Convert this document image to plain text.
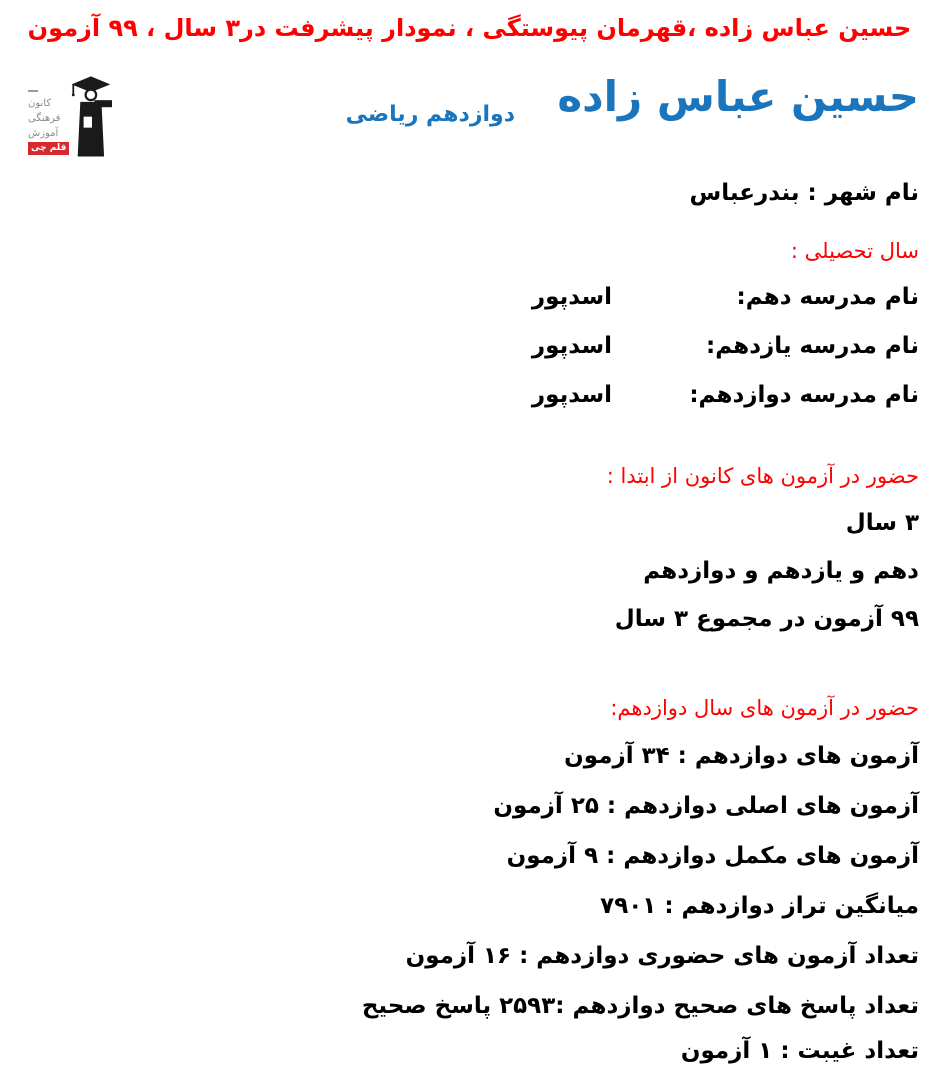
حسین عباس زاده ،قهرمان پیوستگی ، نمودار پیشرفت در۳ سال ، ۹۹ آزمون
کانون
فرهنگی
آموزش
قلم چی
حسین عباس زاده
دوازدهم ریاضی
نام شهر : بندرعباس
سال تحصیلی :
نام مدرسه دهم:
اسدپور
نام مدرسه یازدهم:
اسدپور
نام مدرسه دوازدهم:
اسدپور
حضور در آزمون های کانون از ابتدا :
۳ سال
دهم و یازدهم و دوازدهم
۹۹ آزمون در مجموع ۳ سال
حضور در آزمون های سال دوازدهم:
آزمون های دوازدهم : ۳۴ آزمون
آزمون های اصلی دوازدهم : ۲۵ آزمون
آزمون های مکمل دوازدهم : ۹ آزمون
میانگین تراز دوازدهم : ۷۹۰۱
تعداد آزمون های حضوری دوازدهم : ۱۶ آزمون
تعداد پاسخ های صحیح دوازدهم :۲۵۹۳ پاسخ صحیح
تعداد غیبت : ۱ آزمون
